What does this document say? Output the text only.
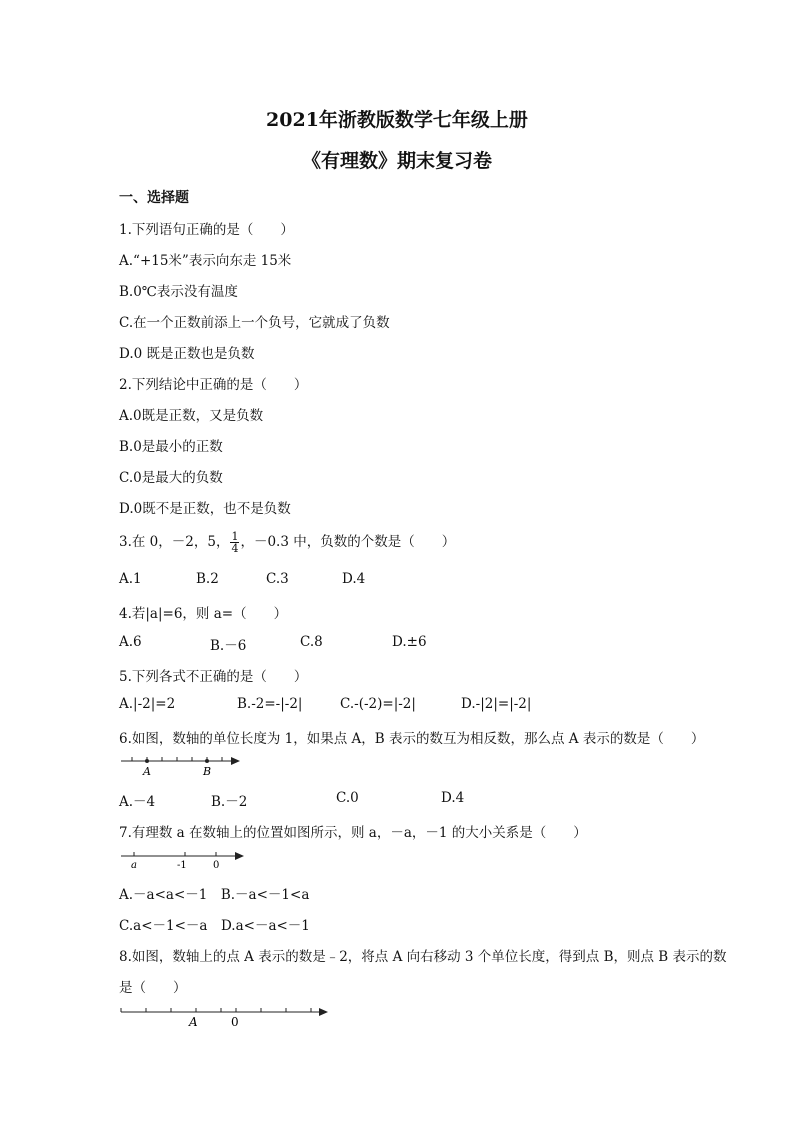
2021年浙教版数学七年级上册
《有理数》期末复习卷
一、选择题
1.下列语句正确的是（　　）
A.“+15米”表示向东走 15米
B.0℃表示没有温度
C.在一个正数前添上一个负号，它就成了负数
D.0 既是正数也是负数
2.下列结论中正确的是（　　）
A.0既是正数，又是负数
B.0是最小的正数
C.0是最大的负数
D.0既不是正数，也不是负数
3.在 0，－2，5， $\frac{1}{4}$ ，－0.3 中，负数的个数是（　　）
A.1	B.2	C.3	D.4
4.若|a|=6，则 a=（　　）
A.6	B.－6	C.8	D.±6
5.下列各式不正确的是（　　）
A.|-2|=2	B.-2=-|-2|	C.-(-2)=|-2|	D.-|2|=|-2|
6.如图，数轴的单位长度为 1，如果点 A，B 表示的数互为相反数，那么点 A 表示的数是（　　）
A	B
A.－4	B.－2	C.0	D.4
7.有理数 a 在数轴上的位置如图所示，则 a，－a，－1 的大小关系是（　　）
a	-1	0
A.－a<a<－1　B.－a<－1<a
C.a<－1<－a　D.a<－a<－1
8.如图，数轴上的点 A 表示的数是﹣2，将点 A 向右移动 3 个单位长度，得到点 B，则点 B 表示的数
是（　　）
A	0
